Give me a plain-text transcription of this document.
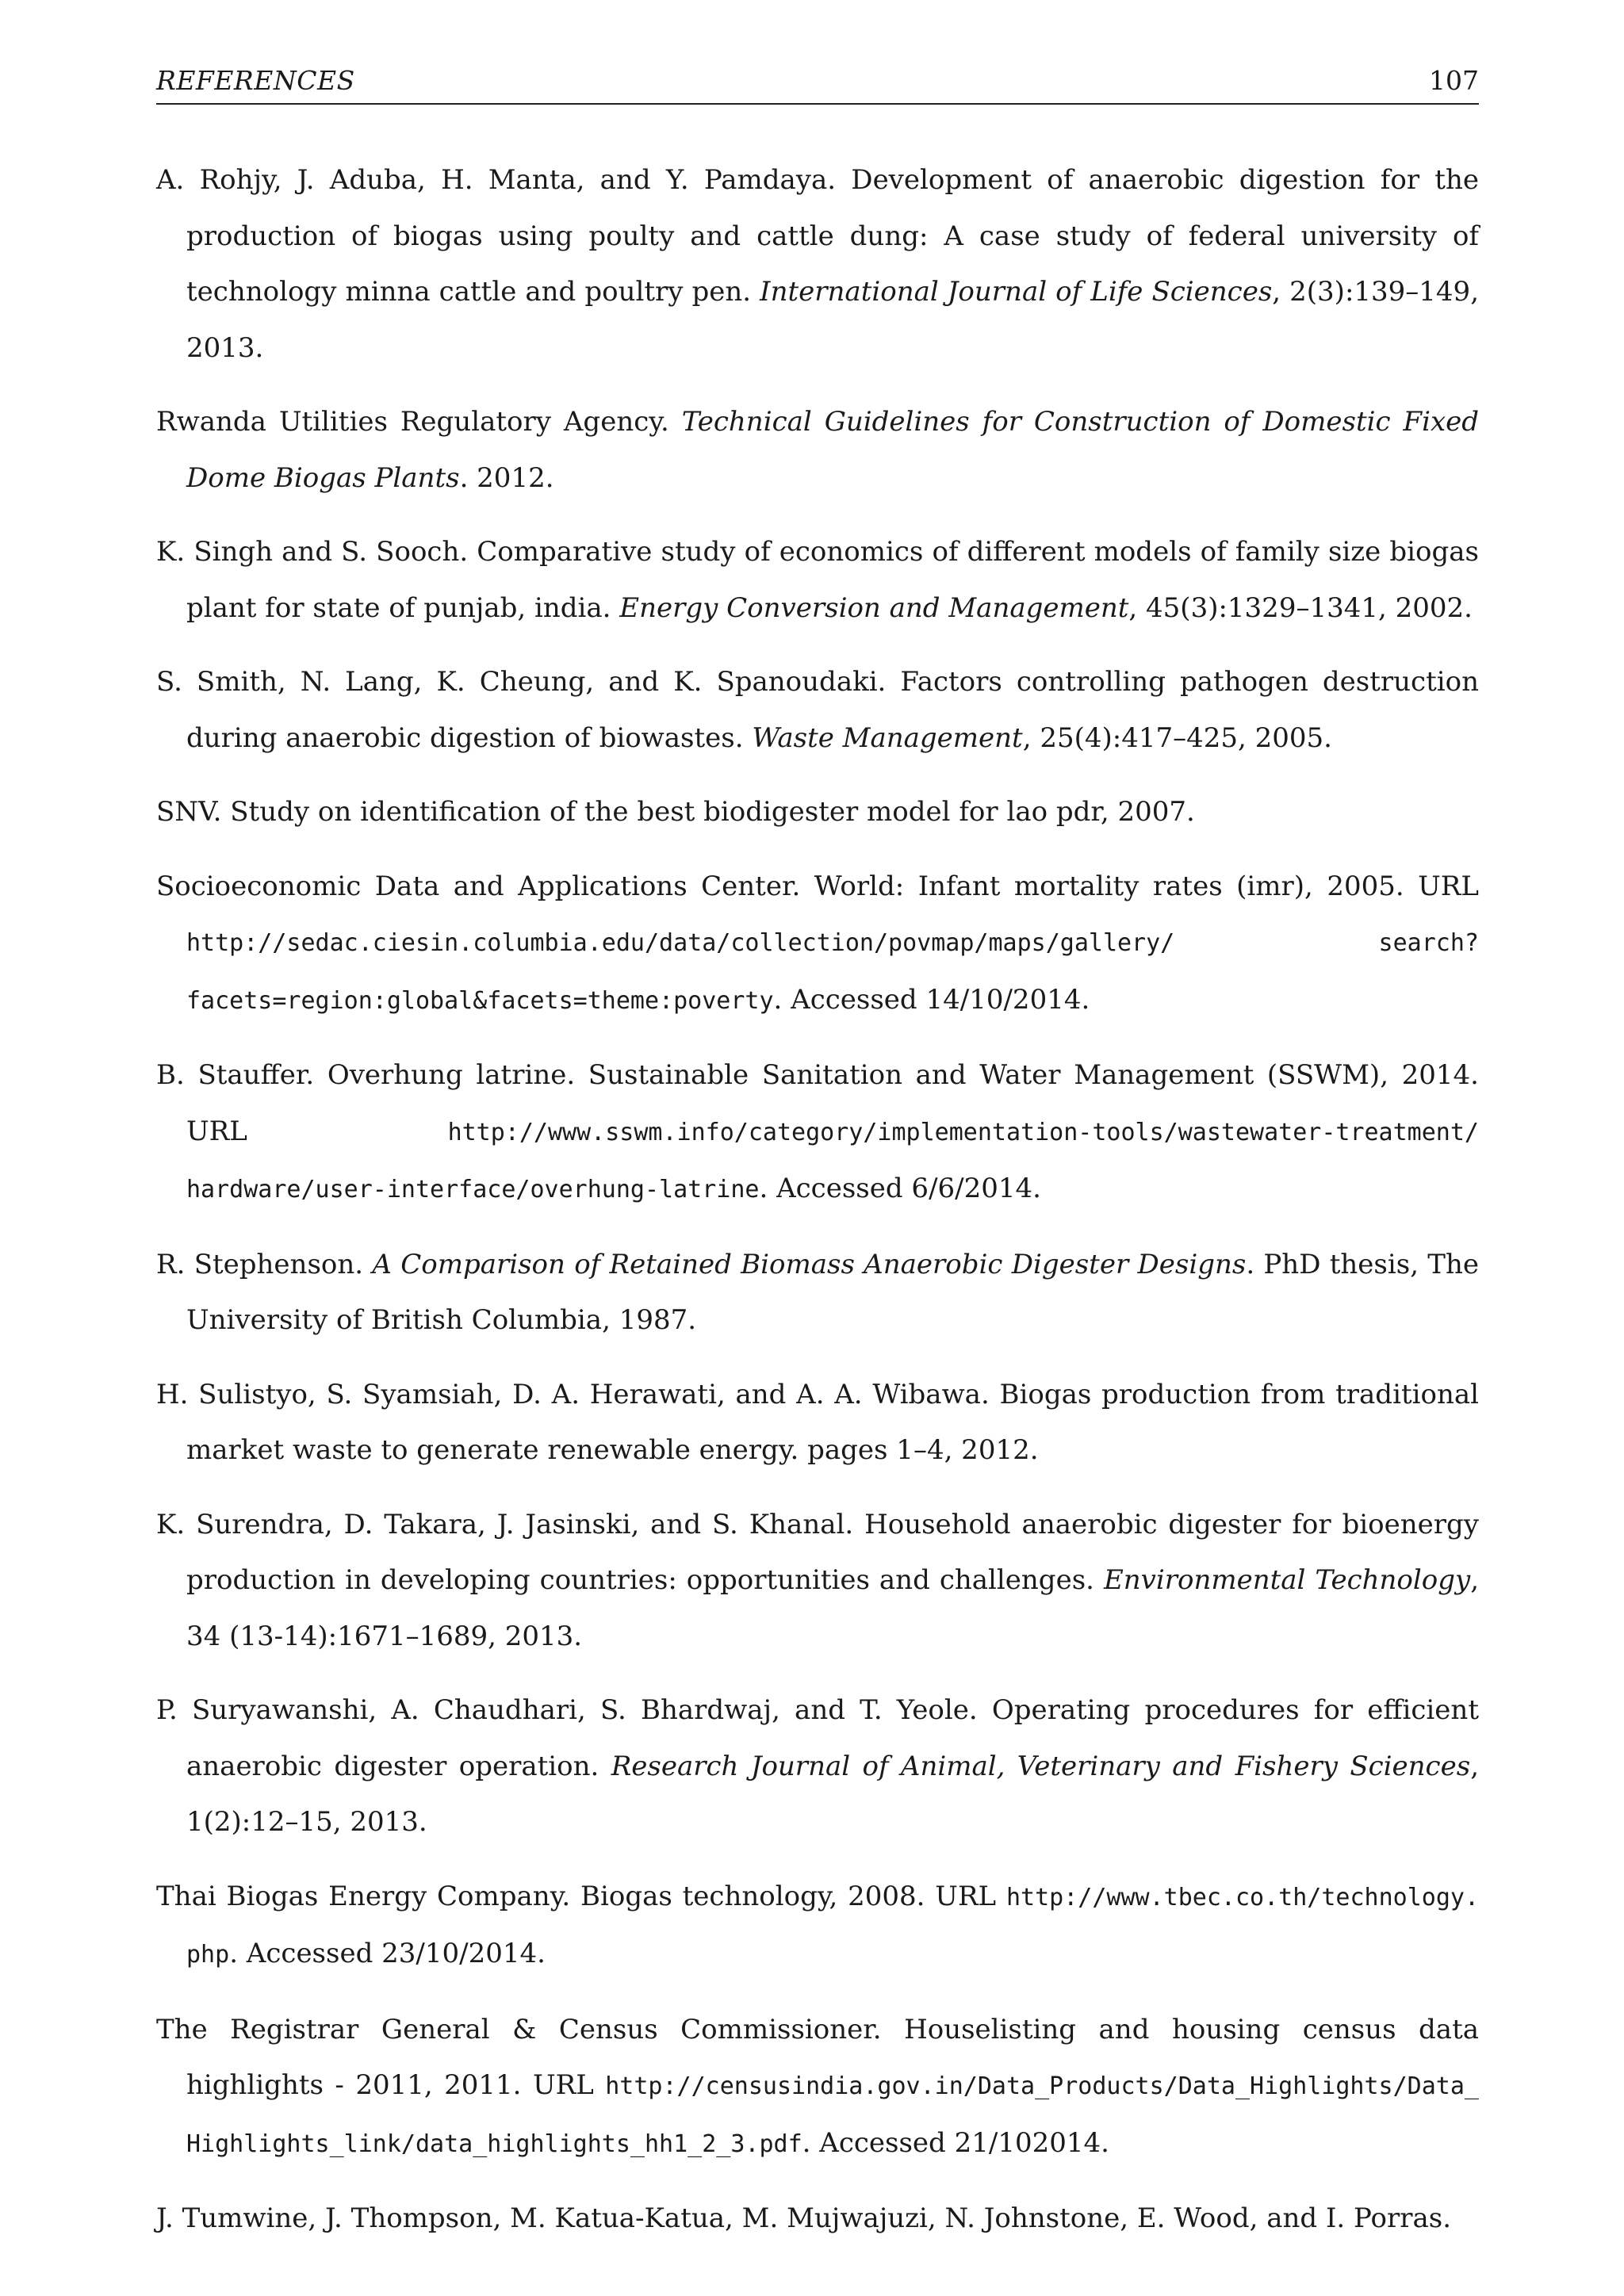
REFERENCES	107

A. Rohjy, J. Aduba, H. Manta, and Y. Pamdaya. Development of anaerobic digestion for the production of biogas using poulty and cattle dung: A case study of federal university of technology minna cattle and poultry pen. International Journal of Life Sciences, 2(3):139–149, 2013.

Rwanda Utilities Regulatory Agency. Technical Guidelines for Construction of Domestic Fixed Dome Biogas Plants. 2012.

K. Singh and S. Sooch. Comparative study of economics of different models of family size biogas plant for state of punjab, india. Energy Conversion and Management, 45(3):1329–1341, 2002.

S. Smith, N. Lang, K. Cheung, and K. Spanoudaki. Factors controlling pathogen destruction during anaerobic digestion of biowastes. Waste Management, 25(4):417–425, 2005.

SNV. Study on identification of the best biodigester model for lao pdr, 2007.

Socioeconomic Data and Applications Center. World: Infant mortality rates (imr), 2005. URL http://sedac.ciesin.columbia.edu/data/collection/povmap/maps/gallery/ search?facets=region:global&facets=theme:poverty. Accessed 14/10/2014.

B. Stauffer. Overhung latrine. Sustainable Sanitation and Water Management (SSWM), 2014. URL http://www.sswm.info/category/implementation-tools/wastewater-treatment/ hardware/user-interface/overhung-latrine. Accessed 6/6/2014.

R. Stephenson. A Comparison of Retained Biomass Anaerobic Digester Designs. PhD thesis, The University of British Columbia, 1987.

H. Sulistyo, S. Syamsiah, D. A. Herawati, and A. A. Wibawa. Biogas production from traditional market waste to generate renewable energy. pages 1–4, 2012.

K. Surendra, D. Takara, J. Jasinski, and S. Khanal. Household anaerobic digester for bioenergy production in developing countries: opportunities and challenges. Environmental Technology, 34 (13-14):1671–1689, 2013.

P. Suryawanshi, A. Chaudhari, S. Bhardwaj, and T. Yeole. Operating procedures for efficient anaerobic digester operation. Research Journal of Animal, Veterinary and Fishery Sciences, 1(2):12–15, 2013.

Thai Biogas Energy Company. Biogas technology, 2008. URL http://www.tbec.co.th/technology. php. Accessed 23/10/2014.

The Registrar General & Census Commissioner. Houselisting and housing census data highlights - 2011, 2011. URL http://censusindia.gov.in/Data_Products/Data_Highlights/Data_ Highlights_link/data_highlights_hh1_2_3.pdf. Accessed 21/102014.

J. Tumwine, J. Thompson, M. Katua-Katua, M. Mujwajuzi, N. Johnstone, E. Wood, and I. Porras.
